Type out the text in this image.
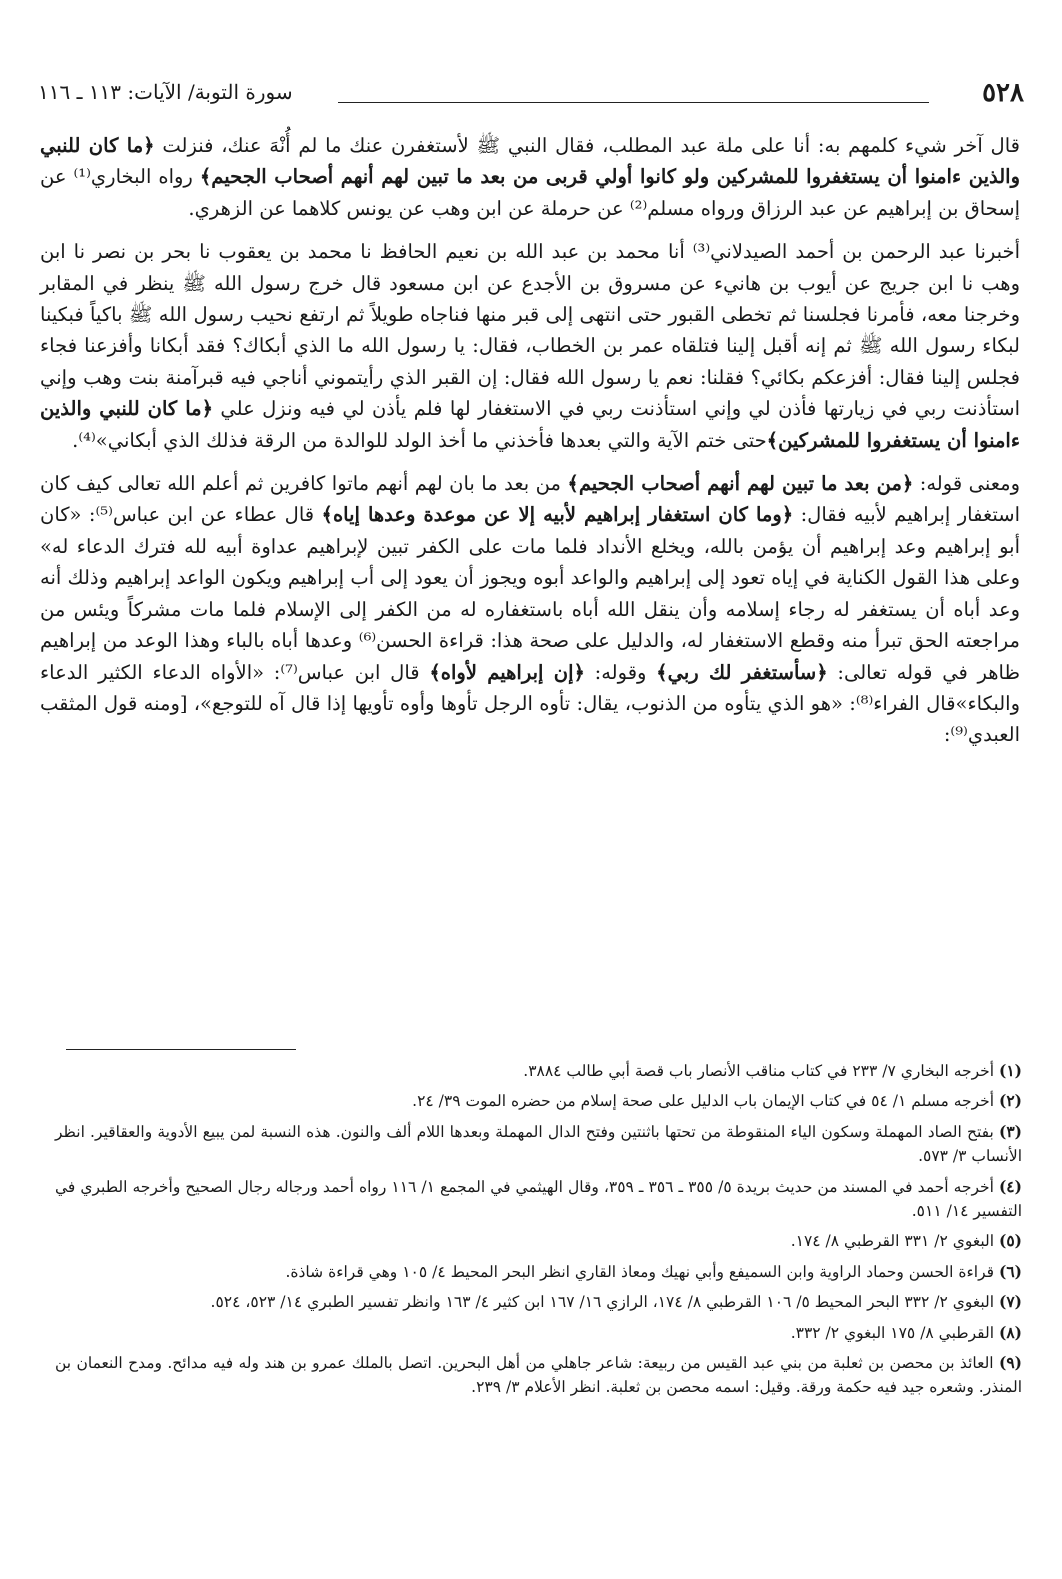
٥٢٨
سورة التوبة/ الآيات: ١١٣ ـ ١١٦

قال آخر شيء كلمهم به: أنا على ملة عبد المطلب، فقال النبي ﷺ لأستغفرن عنك ما لم أُنْهَ عنك، فنزلت ﴿ما كان للنبي والذين ءامنوا أن يستغفروا للمشركين ولو كانوا أولي قربى من بعد ما تبين لهم أنهم أصحاب الجحيم﴾ رواه البخاري⁽¹⁾ عن إسحاق بن إبراهيم عن عبد الرزاق ورواه مسلم⁽²⁾ عن حرملة عن ابن وهب عن يونس كلاهما عن الزهري.

أخبرنا عبد الرحمن بن أحمد الصيدلاني⁽³⁾ أنا محمد بن عبد الله بن نعيم الحافظ نا محمد بن يعقوب نا بحر بن نصر نا ابن وهب نا ابن جريج عن أيوب بن هانيء عن مسروق بن الأجدع عن ابن مسعود قال خرج رسول الله ﷺ ينظر في المقابر وخرجنا معه، فأمرنا فجلسنا ثم تخطى القبور حتى انتهى إلى قبر منها فناجاه طويلاً ثم ارتفع نحيب رسول الله ﷺ باكياً فبكينا لبكاء رسول الله ﷺ ثم إنه أقبل إلينا فتلقاه عمر بن الخطاب، فقال: يا رسول الله ما الذي أبكاك؟ فقد أبكانا وأفزعنا فجاء فجلس إلينا فقال: أفزعكم بكائي؟ فقلنا: نعم يا رسول الله فقال: إن القبر الذي رأيتموني أناجي فيه قبرآمنة بنت وهب وإني استأذنت ربي في زيارتها فأذن لي وإني استأذنت ربي في الاستغفار لها فلم يأذن لي فيه ونزل علي ﴿ما كان للنبي والذين ءامنوا أن يستغفروا للمشركين﴾حتى ختم الآية والتي بعدها فأخذني ما أخذ الولد للوالدة من الرقة فذلك الذي أبكاني»⁽⁴⁾.

ومعنى قوله: ﴿من بعد ما تبين لهم أنهم أصحاب الجحيم﴾ من بعد ما بان لهم أنهم ماتوا كافرين ثم أعلم الله تعالى كيف كان استغفار إبراهيم لأبيه فقال: ﴿وما كان استغفار إبراهيم لأبيه إلا عن موعدة وعدها إياه﴾ قال عطاء عن ابن عباس⁽⁵⁾: «كان أبو إبراهيم وعد إبراهيم أن يؤمن بالله، ويخلع الأنداد فلما مات على الكفر تبين لإبراهيم عداوة أبيه لله فترك الدعاء له» وعلى هذا القول الكناية في إياه تعود إلى إبراهيم والواعد أبوه ويجوز أن يعود إلى أب إبراهيم ويكون الواعد إبراهيم وذلك أنه وعد أباه أن يستغفر له رجاء إسلامه وأن ينقل الله أباه باستغفاره له من الكفر إلى الإسلام فلما مات مشركاً ويئس من مراجعته الحق تبرأ منه وقطع الاستغفار له، والدليل على صحة هذا: قراءة الحسن⁽⁶⁾ وعدها أباه بالباء وهذا الوعد من إبراهيم ظاهر في قوله تعالى: ﴿سأستغفر لك ربي﴾ وقوله: ﴿إن إبراهيم لأواه﴾ قال ابن عباس⁽⁷⁾: «الأواه الدعاء الكثير الدعاء والبكاء»قال الفراء⁽⁸⁾: «هو الذي يتأوه من الذنوب، يقال: تأوه الرجل تأوها وأوه تأويها إذا قال آه للتوجع»، [ومنه قول المثقب العبدي⁽⁹⁾:

(١) أخرجه البخاري ٧/ ٢٣٣ في كتاب مناقب الأنصار باب قصة أبي طالب ٣٨٨٤.

(٢) أخرجه مسلم ١/ ٥٤ في كتاب الإيمان باب الدليل على صحة إسلام من حضره الموت ٣٩/ ٢٤.

(٣) بفتح الصاد المهملة وسكون الياء المنقوطة من تحتها باثنتين وفتح الدال المهملة وبعدها اللام ألف والنون. هذه النسبة لمن يبيع الأدوية والعقاقير. انظر الأنساب ٣/ ٥٧٣.

(٤) أخرجه أحمد في المسند من حديث بريدة ٥/ ٣٥٥ ـ ٣٥٦ ـ ٣٥٩، وقال الهيثمي في المجمع ١/ ١١٦ رواه أحمد ورجاله رجال الصحيح وأخرجه الطبري في التفسير ١٤/ ٥١١.

(٥) البغوي ٢/ ٣٣١ القرطبي ٨/ ١٧٤.

(٦) قراءة الحسن وحماد الراوية وابن السميفع وأبي نهيك ومعاذ القاري انظر البحر المحيط ٤/ ١٠٥ وهي قراءة شاذة.

(٧) البغوي ٢/ ٣٣٢ البحر المحيط ٥/ ١٠٦ القرطبي ٨/ ١٧٤، الرازي ١٦/ ١٦٧ ابن كثير ٤/ ١٦٣ وانظر تفسير الطبري ١٤/ ٥٢٣، ٥٢٤.

(٨) القرطبي ٨/ ١٧٥ البغوي ٢/ ٣٣٢.

(٩) العائذ بن محصن بن ثعلبة من بني عبد القيس من ربيعة: شاعر جاهلي من أهل البحرين. اتصل بالملك عمرو بن هند وله فيه مدائح. ومدح النعمان بن المنذر. وشعره جيد فيه حكمة ورقة. وقيل: اسمه محصن بن ثعلبة. انظر الأعلام ٣/ ٢٣٩.
